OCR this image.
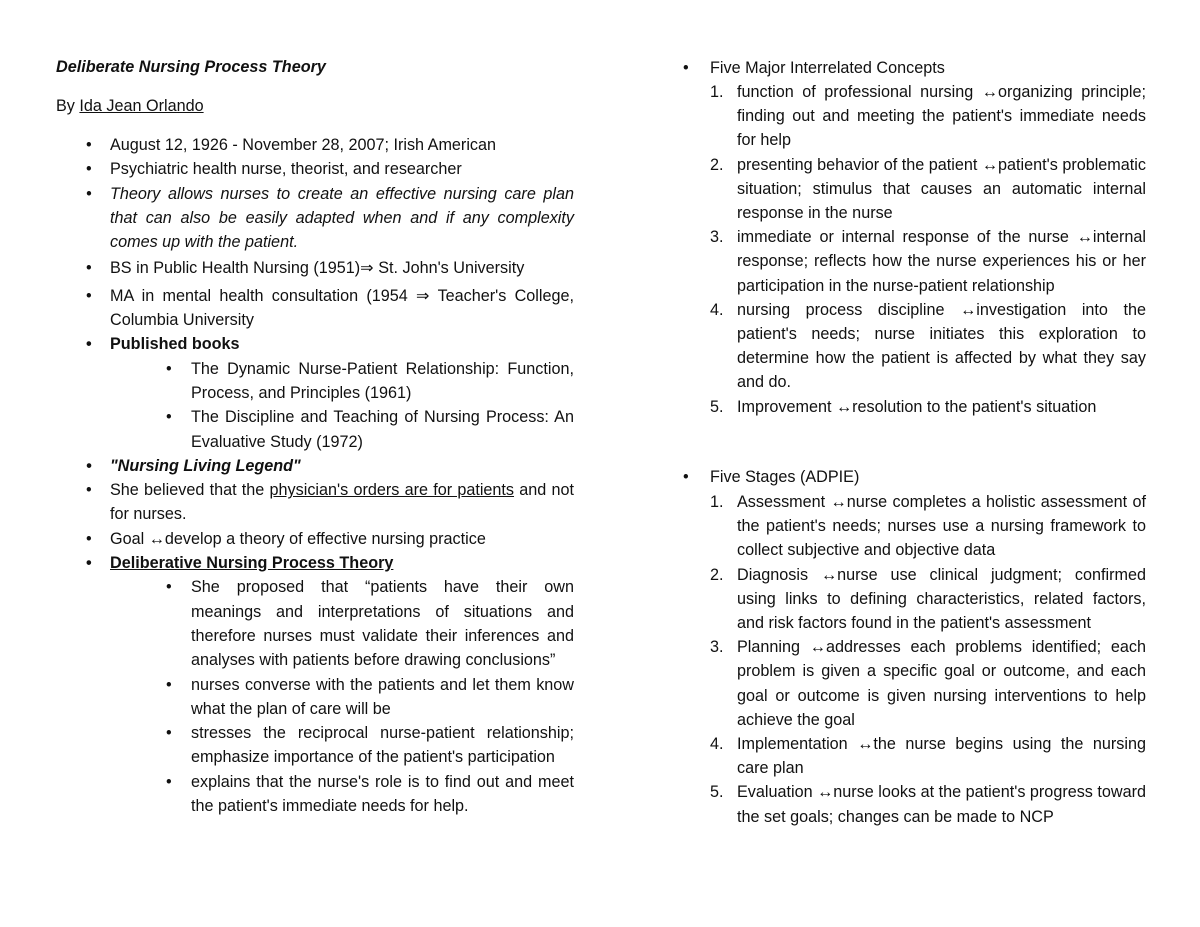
Deliberate Nursing Process Theory

By Ida Jean Orlando

• August 12, 1926 - November 28, 2007; Irish American
• Psychiatric health nurse, theorist, and researcher
• Theory allows nurses to create an effective nursing care plan that can also be easily adapted when and if any complexity comes up with the patient.
• BS in Public Health Nursing (1951)⇒ St. John's University
• MA in mental health consultation (1954 ⇒ Teacher's College, Columbia University
• Published books
• The Dynamic Nurse-Patient Relationship: Function, Process, and Principles (1961)
• The Discipline and Teaching of Nursing Process: An Evaluative Study (1972)
• "Nursing Living Legend"
• She believed that the physician's orders are for patients and not for nurses.
• Goal ↔develop a theory of effective nursing practice
• Deliberative Nursing Process Theory
• She proposed that “patients have their own meanings and interpretations of situations and therefore nurses must validate their inferences and analyses with patients before drawing conclusions”
• nurses converse with the patients and let them know what the plan of care will be
• stresses the reciprocal nurse-patient relationship; emphasize importance of the patient's participation
• explains that the nurse's role is to find out and meet the patient's immediate needs for help.
• Five Major Interrelated Concepts
1. function of professional nursing ↔organizing principle; finding out and meeting the patient's immediate needs for help
2. presenting behavior of the patient ↔patient's problematic situation; stimulus that causes an automatic internal response in the nurse
3. immediate or internal response of the nurse ↔internal response; reflects how the nurse experiences his or her participation in the nurse-patient relationship
4. nursing process discipline ↔investigation into the patient's needs; nurse initiates this exploration to determine how the patient is affected by what they say and do.
5. Improvement ↔resolution to the patient's situation
• Five Stages (ADPIE)
1. Assessment ↔nurse completes a holistic assessment of the patient's needs; nurses use a nursing framework to collect subjective and objective data
2. Diagnosis ↔nurse use clinical judgment; confirmed using links to defining characteristics, related factors, and risk factors found in the patient's assessment
3. Planning ↔addresses each problems identified; each problem is given a specific goal or outcome, and each goal or outcome is given nursing interventions to help achieve the goal
4. Implementation ↔the nurse begins using the nursing care plan
5. Evaluation ↔nurse looks at the patient's progress toward the set goals; changes can be made to NCP
